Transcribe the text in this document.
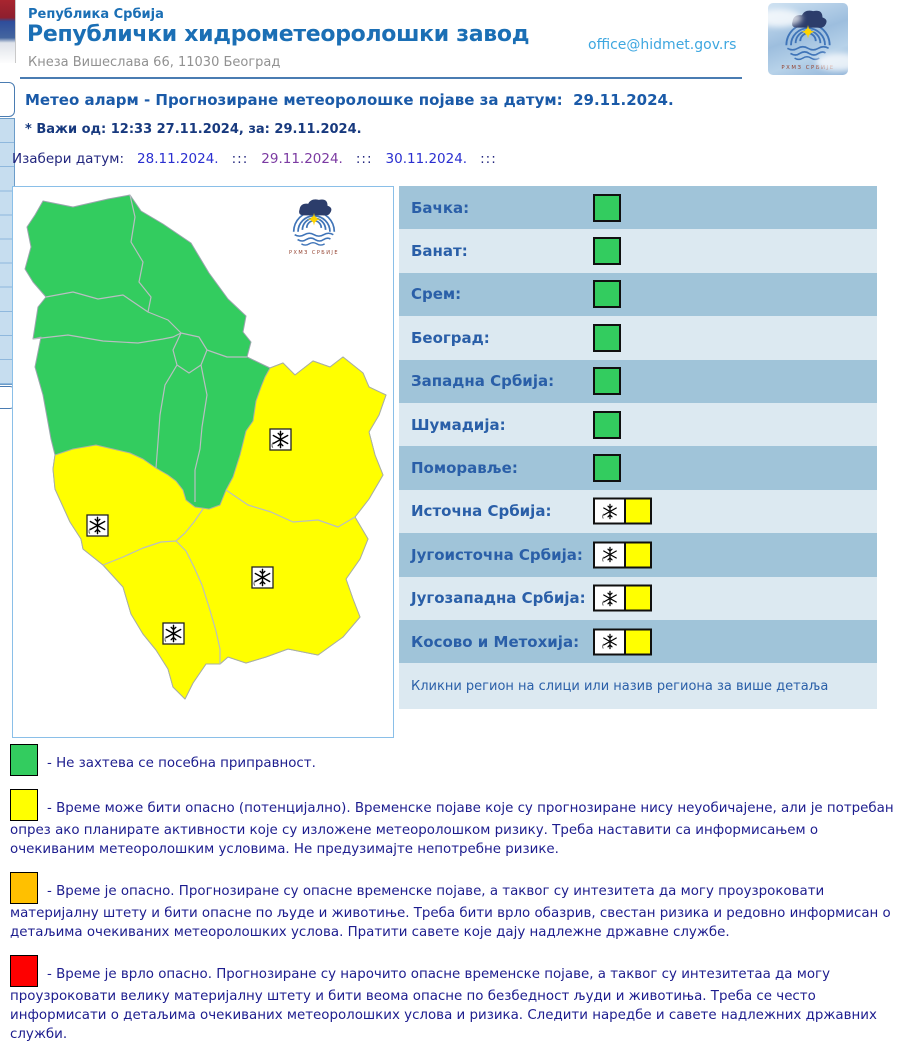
Република Србија
Републички хидрометеоролошки завод
Кнеза Вишеслава 66, 11030 Београд
office@hidmet.gov.rs
Метео аларм - Прогнозиране метеоролошке појаве за датум:  29.11.2024.
* Важи од: 12:33 27.11.2024, за: 29.11.2024.
Изабери датум: 28.11.2024. ::: 29.11.2024. ::: 30.11.2024. :::
Бачка:
Банат:
Срем:
Београд:
Западна Србија:
Шумадија:
Поморавље:
Источна Србија:
Југоисточна Србија:
Југозападна Србија:
Косово и Метохија:
Кликни регион на слици или назив региона за више детаља

- Не захтева се посебна приправност.

- Време може бити опасно (потенцијално). Временске појаве које су прогнозиране нису неуобичајене, али је потребан опрез ако планирате активности које су изложене метеоролошком ризику. Треба наставити са информисањем о очекиваним метеоролошким условима. Не предузимајте непотребне ризике.

- Време је опасно. Прогнозиране су опасне временске појаве, а таквог су интезитета да могу проузроковати материјалну штету и бити опасне по људе и животиње. Треба бити врло обазрив, свестан ризика и редовно информисан о детаљима очекиваних метеоролошких услова. Пратити савете које дају надлежне државне службе.

- Време је врло опасно. Прогнозиране су нарочито опасне временске појаве, а таквог су интезитетаа да могу проузроковати велику материјалну штету и бити веома опасне по безбедност људи и животиња. Треба се често информисати о детаљима очекиваних метеоролошких услова и ризика. Следити наредбе и савете надлежних државних служби.
